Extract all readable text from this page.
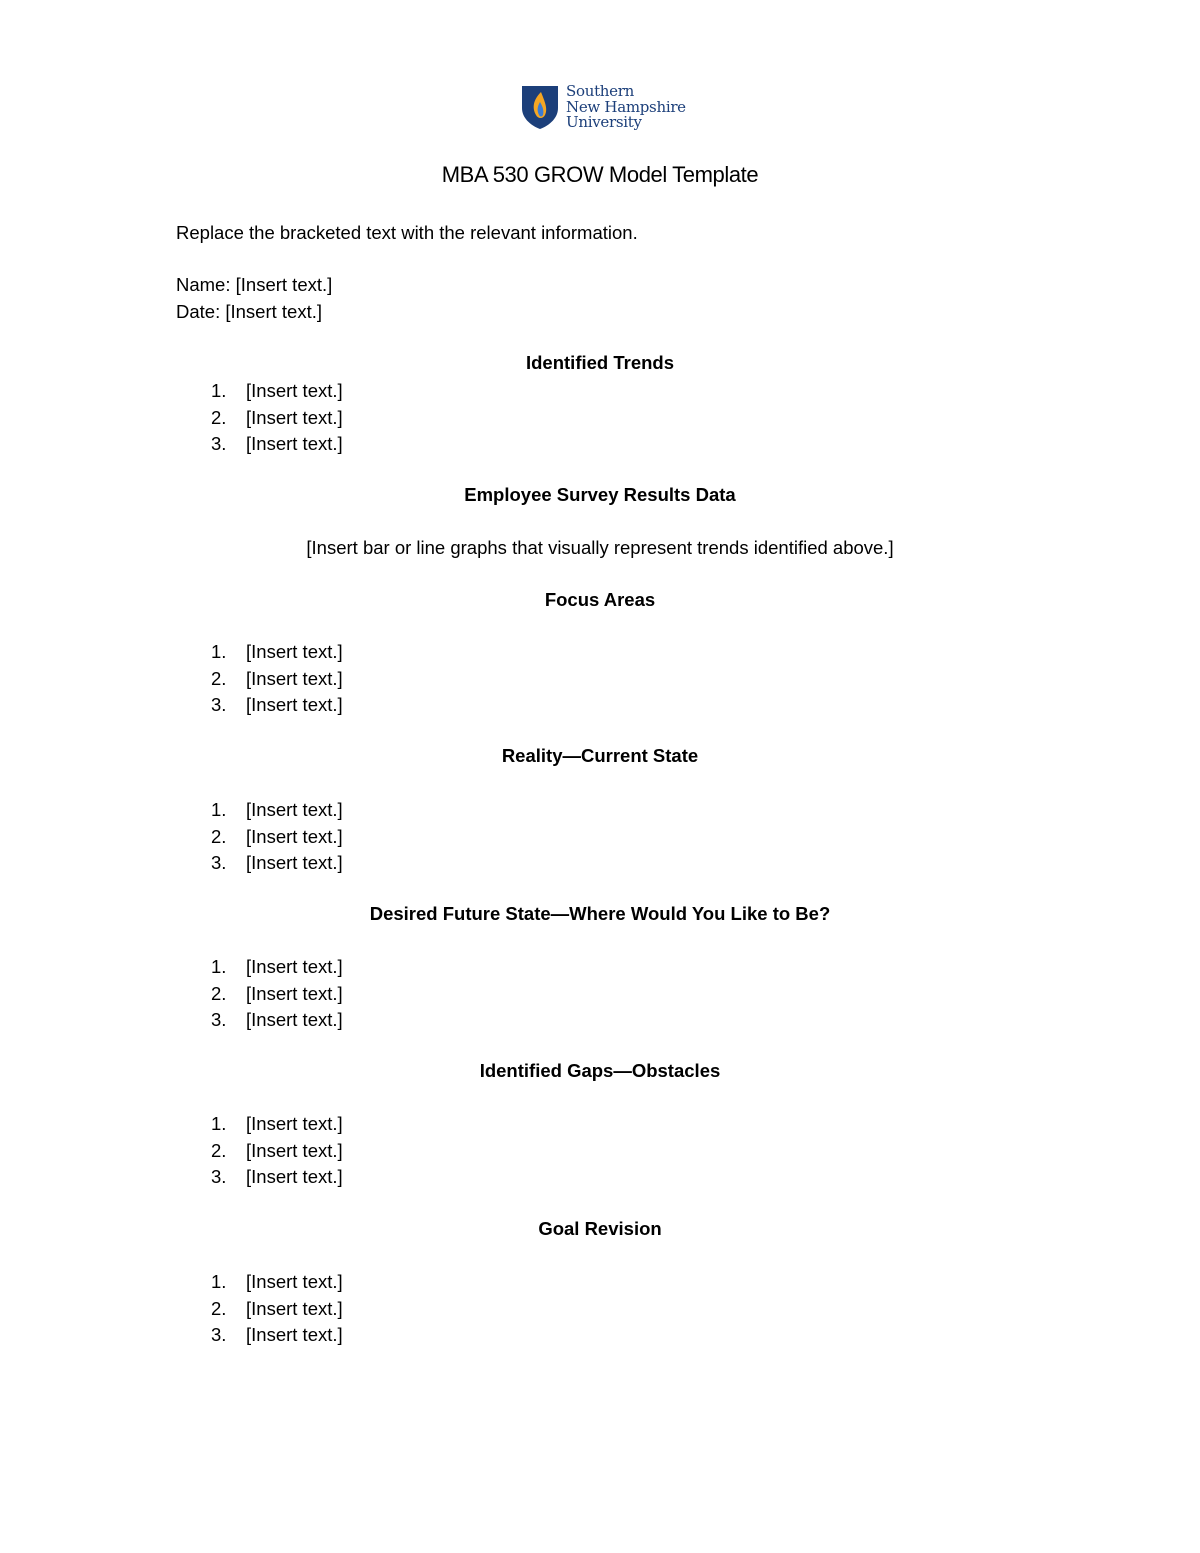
Southern
New Hampshire
University
MBA 530 GROW Model Template
Replace the bracketed text with the relevant information.
Name: [Insert text.]
Date: [Insert text.]
Identified Trends
1. [Insert text.]
2. [Insert text.]
3. [Insert text.]
Employee Survey Results Data
[Insert bar or line graphs that visually represent trends identified above.]
Focus Areas
1. [Insert text.]
2. [Insert text.]
3. [Insert text.]
Reality—Current State
1. [Insert text.]
2. [Insert text.]
3. [Insert text.]
Desired Future State—Where Would You Like to Be?
1. [Insert text.]
2. [Insert text.]
3. [Insert text.]
Identified Gaps—Obstacles
1. [Insert text.]
2. [Insert text.]
3. [Insert text.]
Goal Revision
1. [Insert text.]
2. [Insert text.]
3. [Insert text.]
